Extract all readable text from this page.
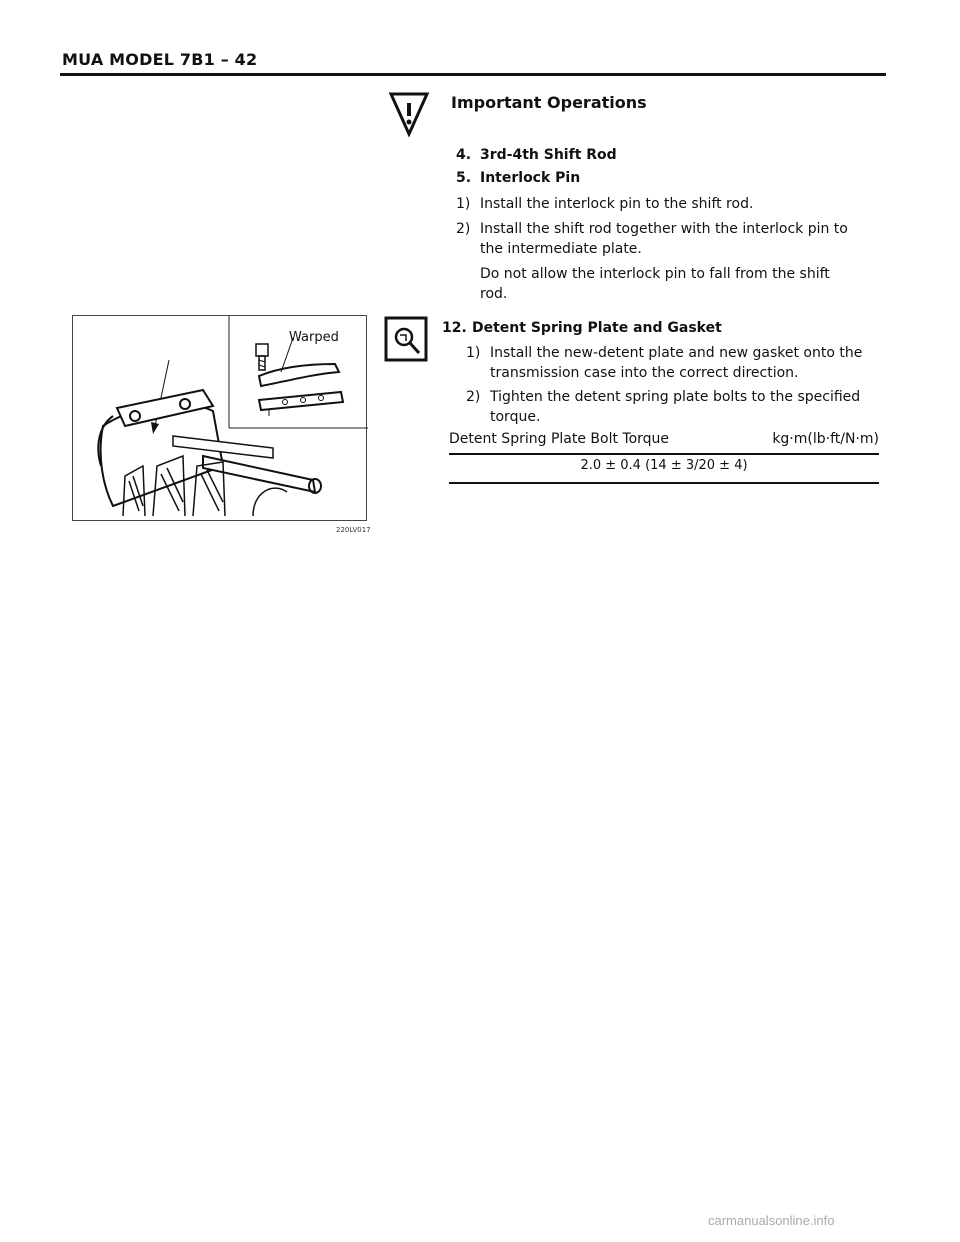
MUA MODEL 7B1 – 42
Important Operations
4. 3rd-4th Shift Rod
5. Interlock Pin
1) Install the interlock pin to the shift rod.
2) Install the shift rod together with the interlock pin to
the intermediate plate.
Do not allow the interlock pin to fall from the shift
rod.
Warped
220LV017
12. Detent Spring Plate and Gasket
1) Install the new-detent plate and new gasket onto the
transmission case into the correct direction.
2) Tighten the detent spring plate bolts to the specified
torque.
Detent Spring Plate Bolt Torque	kg·m(lb·ft/N·m)
2.0 ± 0.4 (14 ± 3/20 ± 4)
carmanualsonline.info
